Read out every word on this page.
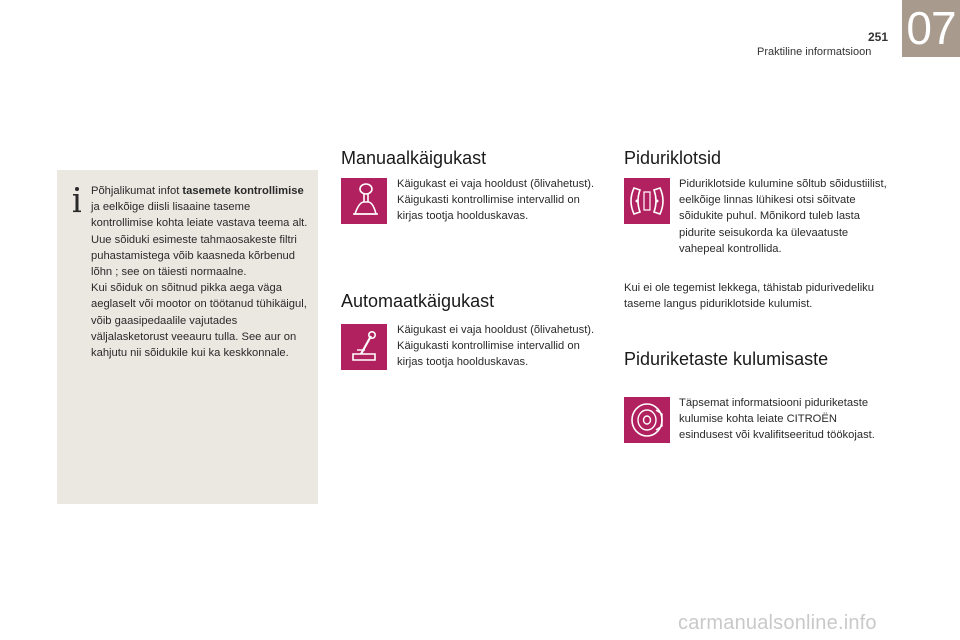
251 07
Praktiline informatsioon

Põhjalikumat infot tasemete kontrollimise ja eelkõige diisli lisaaine taseme kontrollimise kohta leiate vastava teema alt.
Uue sõiduki esimeste tahmaosakeste filtri puhastamistega võib kaasneda kõrbenud lõhn ; see on täiesti normaalne.
Kui sõiduk on sõitnud pikka aega väga aeglaselt või mootor on töötanud tühikäigul, võib gaasipedaalile vajutades väljalasketorust veeauru tulla. See aur on kahjutu nii sõidukile kui ka keskkonnale.

Manuaalkäigukast

Käigukast ei vaja hooldust (õlivahetust).
Käigukasti kontrollimise intervallid on kirjas tootja hoolduskavas.

Automaatkäigukast

Käigukast ei vaja hooldust (õlivahetust).
Käigukasti kontrollimise intervallid on kirjas tootja hoolduskavas.

Piduriklotsid

Piduriklotside kulumine sõltub sõidustiilist, eelkõige linnas lühikesi otsi sõitvate sõidukite puhul. Mõnikord tuleb lasta pidurite seisukorda ka ülevaatuste vahepeal kontrollida.

Kui ei ole tegemist lekkega, tähistab pidurivedeliku taseme langus piduriklotside kulumist.

Piduriketaste kulumisaste

Täpsemat informatsiooni piduriketaste kulumise kohta leiate CITROËN esindusest või kvalifitseeritud töökojast.

carmanualsonline.info
